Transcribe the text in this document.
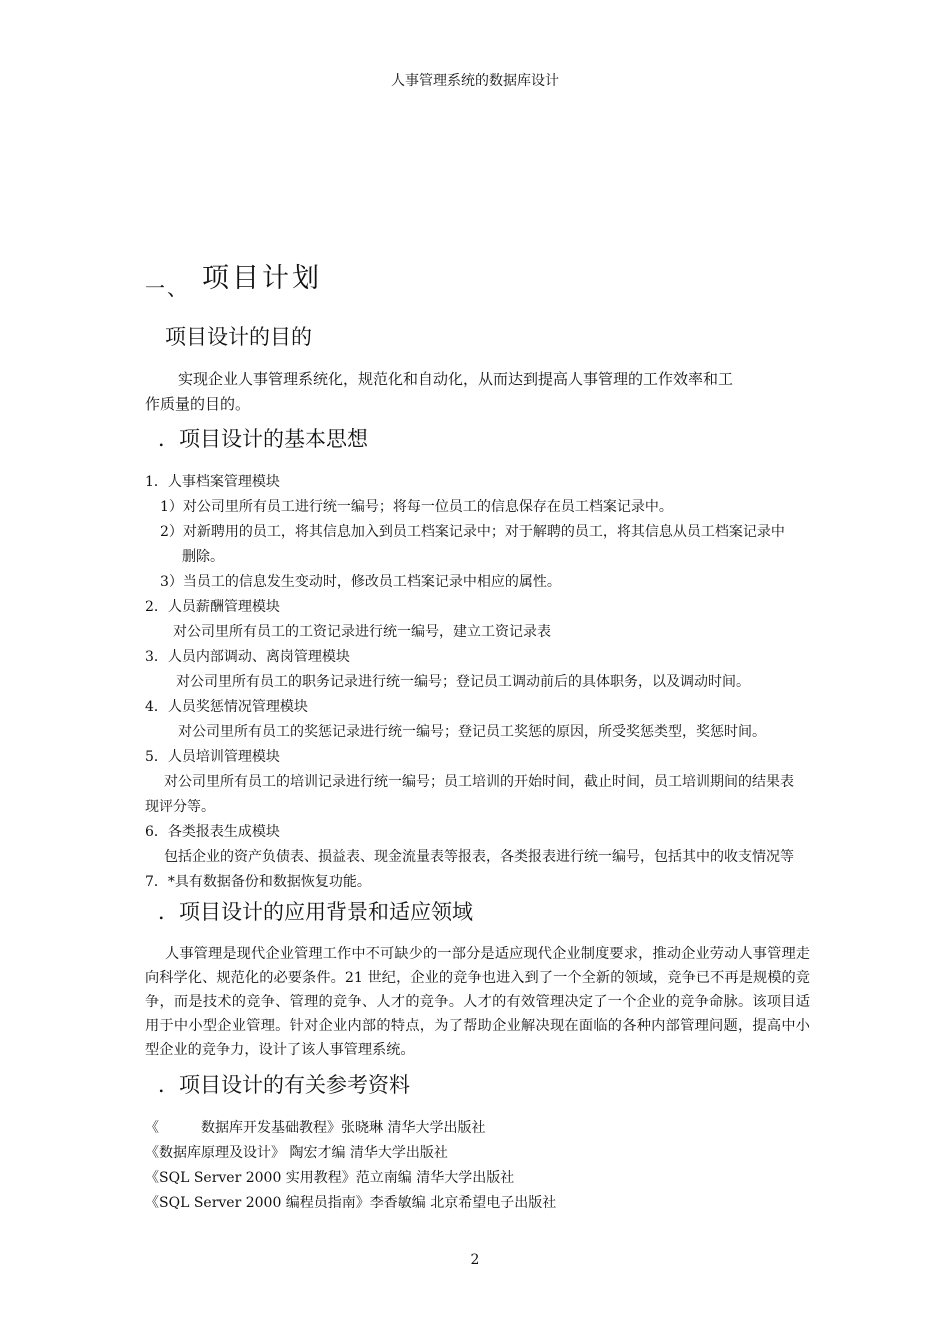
人事管理系统的数据库设计
一、 项目计划
项目设计的目的
实现企业人事管理系统化，规范化和自动化，从而达到提高人事管理的工作效率和工
作质量的目的。
．项目设计的基本思想
1．人事档案管理模块
1）对公司里所有员工进行统一编号；将每一位员工的信息保存在员工档案记录中。
2）对新聘用的员工，将其信息加入到员工档案记录中；对于解聘的员工，将其信息从员工档案记录中
删除。
3）当员工的信息发生变动时，修改员工档案记录中相应的属性。
2．人员薪酬管理模块
对公司里所有员工的工资记录进行统一编号，建立工资记录表
3．人员内部调动、离岗管理模块
对公司里所有员工的职务记录进行统一编号；登记员工调动前后的具体职务，以及调动时间。
4．人员奖惩情况管理模块
对公司里所有员工的奖惩记录进行统一编号；登记员工奖惩的原因，所受奖惩类型，奖惩时间。
5．人员培训管理模块
对公司里所有员工的培训记录进行统一编号；员工培训的开始时间，截止时间，员工培训期间的结果表
现评分等。
6．各类报表生成模块
包括企业的资产负债表、损益表、现金流量表等报表，各类报表进行统一编号，包括其中的收支情况等
7．*具有数据备份和数据恢复功能。
．项目设计的应用背景和适应领域
人事管理是现代企业管理工作中不可缺少的一部分是适应现代企业制度要求，推动企业劳动人事管理走向科学化、规范化的必要条件。21 世纪，企业的竞争也进入到了一个全新的领域，竞争已不再是规模的竞争，而是技术的竞争、管理的竞争、人才的竞争。人才的有效管理决定了一个企业的竞争命脉。该项目适用于中小型企业管理。针对企业内部的特点，为了帮助企业解决现在面临的各种内部管理问题，提高中小型企业的竞争力，设计了该人事管理系统。
．项目设计的有关参考资料
《　　　数据库开发基础教程》张晓琳 清华大学出版社
《数据库原理及设计》 陶宏才编 清华大学出版社
《SQL Server 2000 实用教程》范立南编 清华大学出版社
《SQL Server 2000 编程员指南》李香敏编 北京希望电子出版社
2
